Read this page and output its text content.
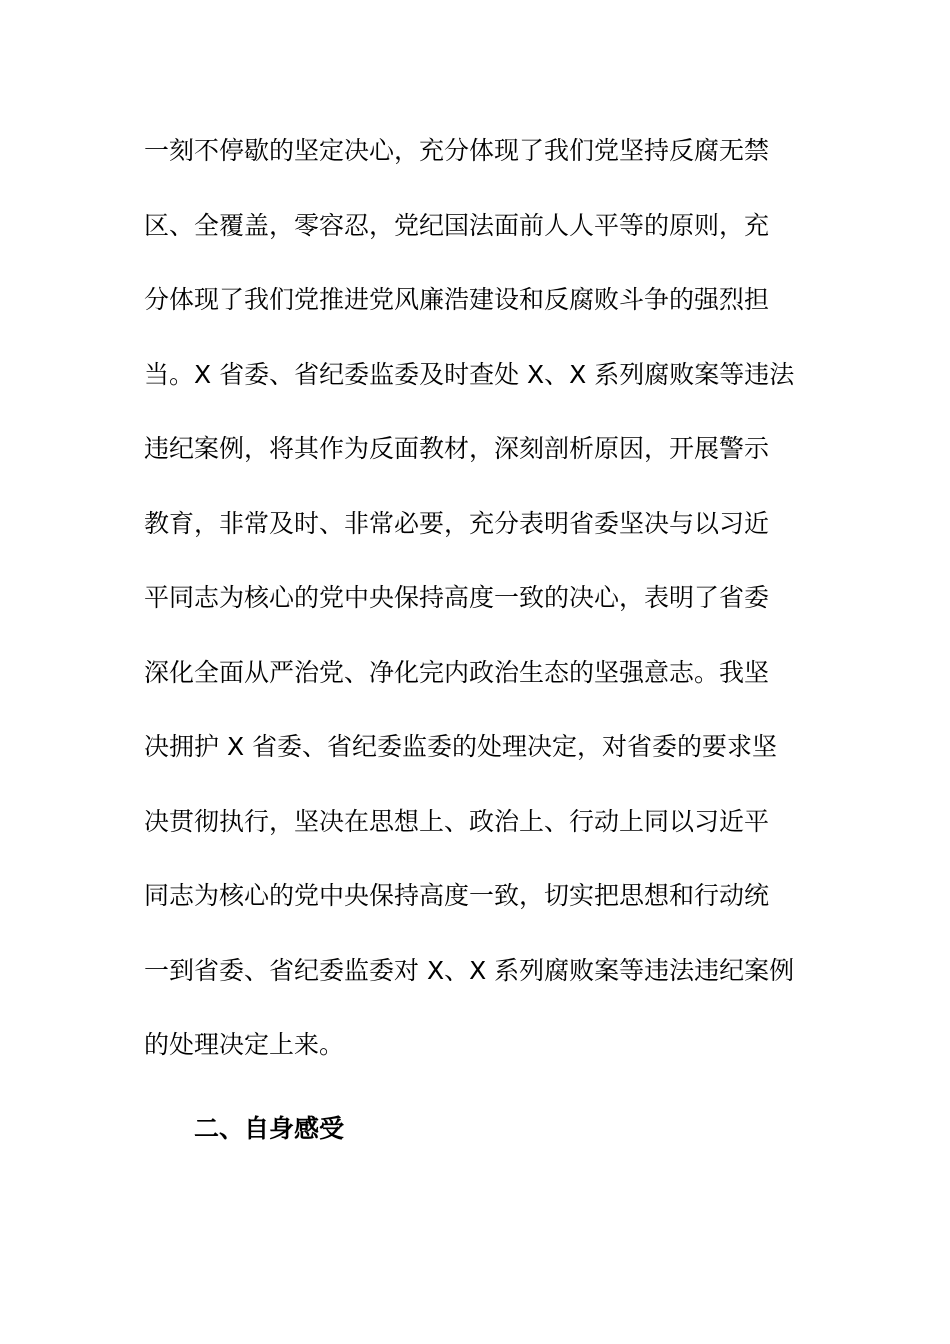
一刻不停歇的坚定决心，充分体现了我们党坚持反腐无禁
区、全覆盖，零容忍，党纪国法面前人人平等的原则，充
分体现了我们党推进党风廉浩建设和反腐败斗争的强烈担
当。X 省委、省纪委监委及时查处 X、X 系列腐败案等违法
违纪案例，将其作为反面教材，深刻剖析原因，开展警示
教育，非常及时、非常必要，充分表明省委坚决与以习近
平同志为核心的党中央保持高度一致的决心，表明了省委
深化全面从严治党、净化完内政治生态的坚强意志。我坚
决拥护 X 省委、省纪委监委的处理决定，对省委的要求坚
决贯彻执行，坚决在思想上、政治上、行动上同以习近平
同志为核心的党中央保持高度一致，切实把思想和行动统
一到省委、省纪委监委对 X、X 系列腐败案等违法违纪案例
的处理决定上来。
二、自身感受
